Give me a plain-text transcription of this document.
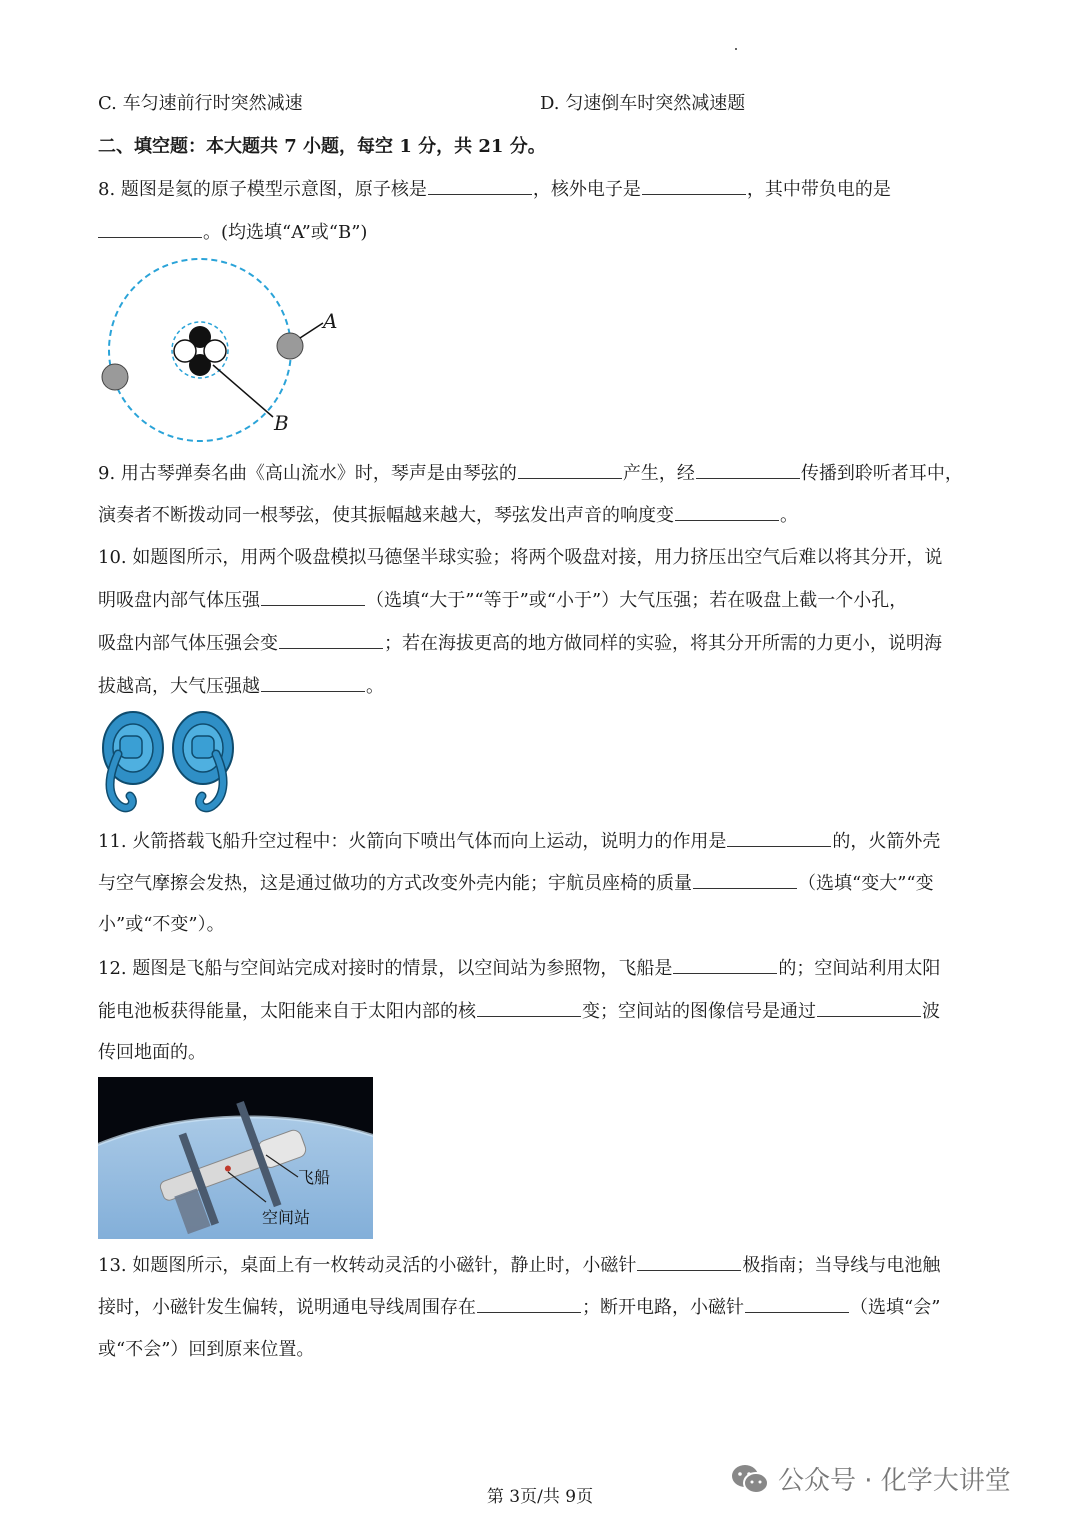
C. 车匀速前行时突然减速	D. 匀速倒车时突然减速题
二、填空题：本大题共 7 小题，每空 1 分，共 21 分。
8. 题图是氦的原子模型示意图，原子核是	，核外电子是	，其中带负电的是
。(均选填“A”或“B”)
A
B
9. 用古琴弹奏名曲《高山流水》时，琴声是由琴弦的	产生，经	传播到聆听者耳中，
演奏者不断拨动同一根琴弦，使其振幅越来越大，琴弦发出声音的响度变	。
10. 如题图所示，用两个吸盘模拟马德堡半球实验；将两个吸盘对接，用力挤压出空气后难以将其分开，说
明吸盘内部气体压强	（选填“大于”“等于”或“小于”）大气压强；若在吸盘上截一个小孔，
吸盘内部气体压强会变	；若在海拔更高的地方做同样的实验，将其分开所需的力更小，说明海
拔越高，大气压强越	。
11. 火箭搭载飞船升空过程中：火箭向下喷出气体而向上运动，说明力的作用是	的，火箭外壳
与空气摩擦会发热，这是通过做功的方式改变外壳内能；宇航员座椅的质量	（选填“变大”“变
小”或“不变”）。
12. 题图是飞船与空间站完成对接时的情景，以空间站为参照物，飞船是	的；空间站利用太阳
能电池板获得能量，太阳能来自于太阳内部的核	变；空间站的图像信号是通过	波
传回地面的。
飞船
空间站
13. 如题图所示，桌面上有一枚转动灵活的小磁针，静止时，小磁针	极指南；当导线与电池触
接时，小磁针发生偏转，说明通电导线周围存在	；断开电路，小磁针	（选填“会”
或“不会”）回到原来位置。
第 3页/共 9页
公众号 · 化学大讲堂
